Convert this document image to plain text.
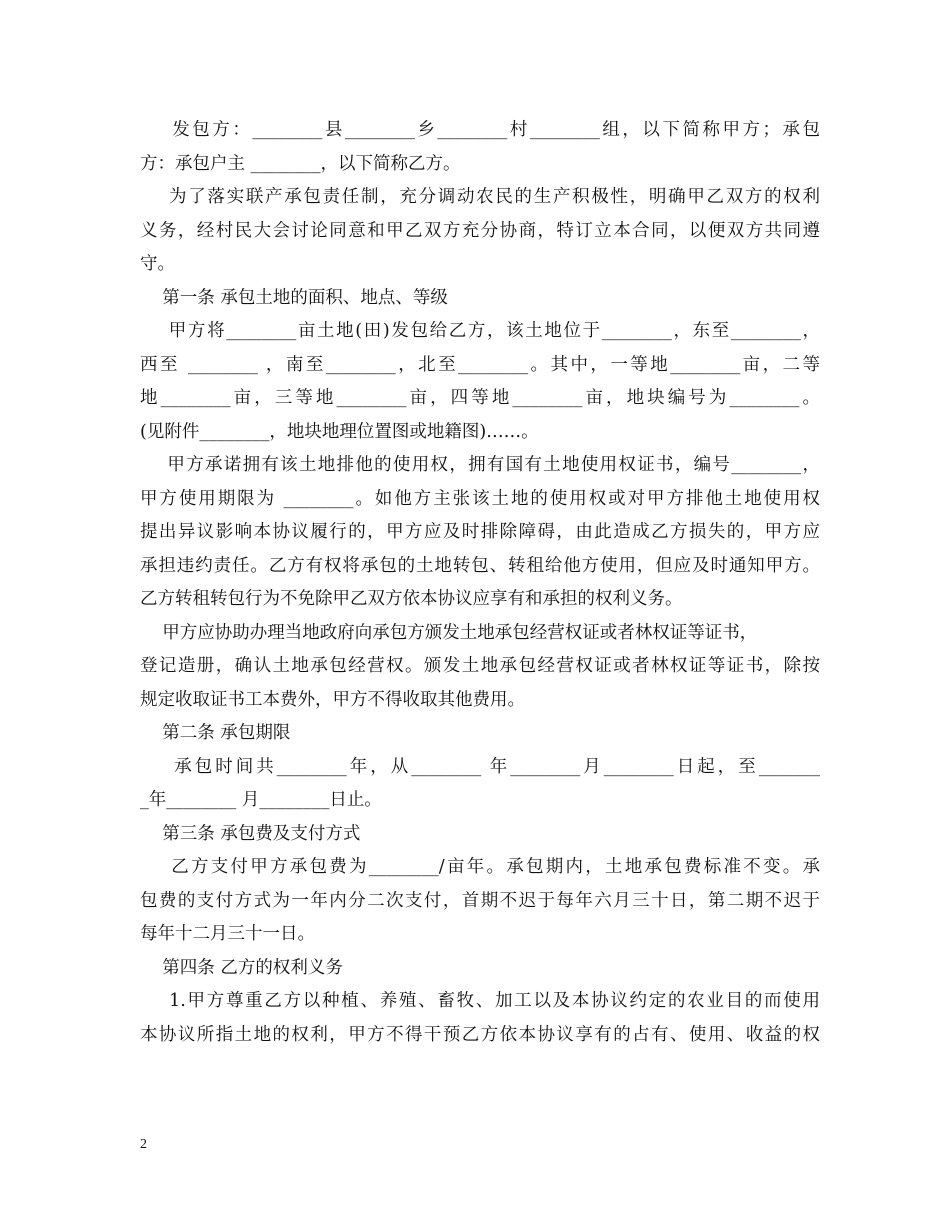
发包方：________县________乡________村________组，以下简称甲方；承包
方：承包户主 ________，以下简称乙方。
为了落实联产承包责任制，充分调动农民的生产积极性，明确甲乙双方的权利
义务，经村民大会讨论同意和甲乙双方充分协商，特订立本合同，以便双方共同遵
守。
第一条 承包土地的面积、地点、等级
甲方将________亩土地(田)发包给乙方，该土地位于________，东至________，
西至 ________ ，南至________，北至________。其中，一等地________亩，二等
地________亩，三等地________亩，四等地________亩，地块编号为________。
(见附件________，地块地理位置图或地籍图)……。
甲方承诺拥有该土地排他的使用权，拥有国有土地使用权证书，编号________，
甲方使用期限为 ________。如他方主张该土地的使用权或对甲方排他土地使用权
提出异议影响本协议履行的，甲方应及时排除障碍，由此造成乙方损失的，甲方应
承担违约责任。乙方有权将承包的土地转包、转租给他方使用，但应及时通知甲方。
乙方转租转包行为不免除甲乙双方依本协议应享有和承担的权利义务。
甲方应协助办理当地政府向承包方颁发土地承包经营权证或者林权证等证书，
登记造册，确认土地承包经营权。颁发土地承包经营权证或者林权证等证书，除按
规定收取证书工本费外，甲方不得收取其他费用。
第二条 承包期限
承包时间共________年，从________ 年________月________日起，至_______
_年________ 月________日止。
第三条 承包费及支付方式
乙方支付甲方承包费为________/亩年。承包期内，土地承包费标准不变。承
包费的支付方式为一年内分二次支付，首期不迟于每年六月三十日，第二期不迟于
每年十二月三十一日。
第四条 乙方的权利义务
1.甲方尊重乙方以种植、养殖、畜牧、加工以及本协议约定的农业目的而使用
本协议所指土地的权利，甲方不得干预乙方依本协议享有的占有、使用、收益的权
2
